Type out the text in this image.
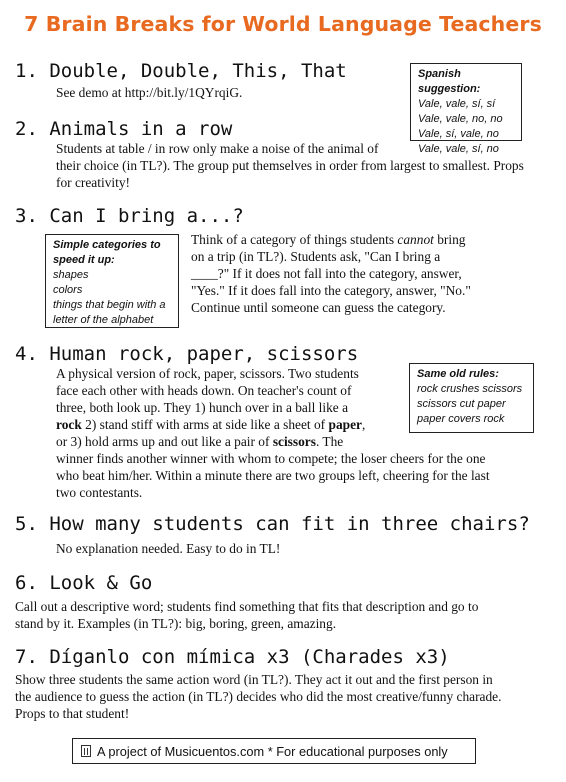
7 Brain Breaks for World Language Teachers
1. Double, Double, This, That
See demo at http://bit.ly/1QYrqiG.
Spanish suggestion:
Vale, vale, sí, sí
Vale, vale, no, no
Vale, sí, vale, no
Vale, vale, sí, no
2. Animals in a row
Students at table / in row only make a noise of the animal of
their choice (in TL?). The group put themselves in order from largest to smallest. Props
for creativity!
3. Can I bring a...?
Simple categories to speed it up:
shapes
colors
things that begin with a letter of the alphabet
Think of a category of things students cannot bring
on a trip (in TL?). Students ask, "Can I bring a
____?" If it does not fall into the category, answer,
"Yes." If it does fall into the category, answer, "No."
Continue until someone can guess the category.
4. Human rock, paper, scissors
Same old rules:
rock crushes scissors
scissors cut paper
paper covers rock
A physical version of rock, paper, scissors. Two students
face each other with heads down. On teacher's count of
three, both look up. They 1) hunch over in a ball like a
rock 2) stand stiff with arms at side like a sheet of paper,
or 3) hold arms up and out like a pair of scissors. The
winner finds another winner with whom to compete; the loser cheers for the one
who beat him/her. Within a minute there are two groups left, cheering for the last
two contestants.
5. How many students can fit in three chairs?
No explanation needed. Easy to do in TL!
6. Look & Go
Call out a descriptive word; students find something that fits that description and go to
stand by it. Examples (in TL?): big, boring, green, amazing.
7. Díganlo con mímica x3 (Charades x3)
Show three students the same action word (in TL?). They act it out and the first person in
the audience to guess the action (in TL?) decides who did the most creative/funny charade.
Props to that student!
A project of Musicuentos.com * For educational purposes only
